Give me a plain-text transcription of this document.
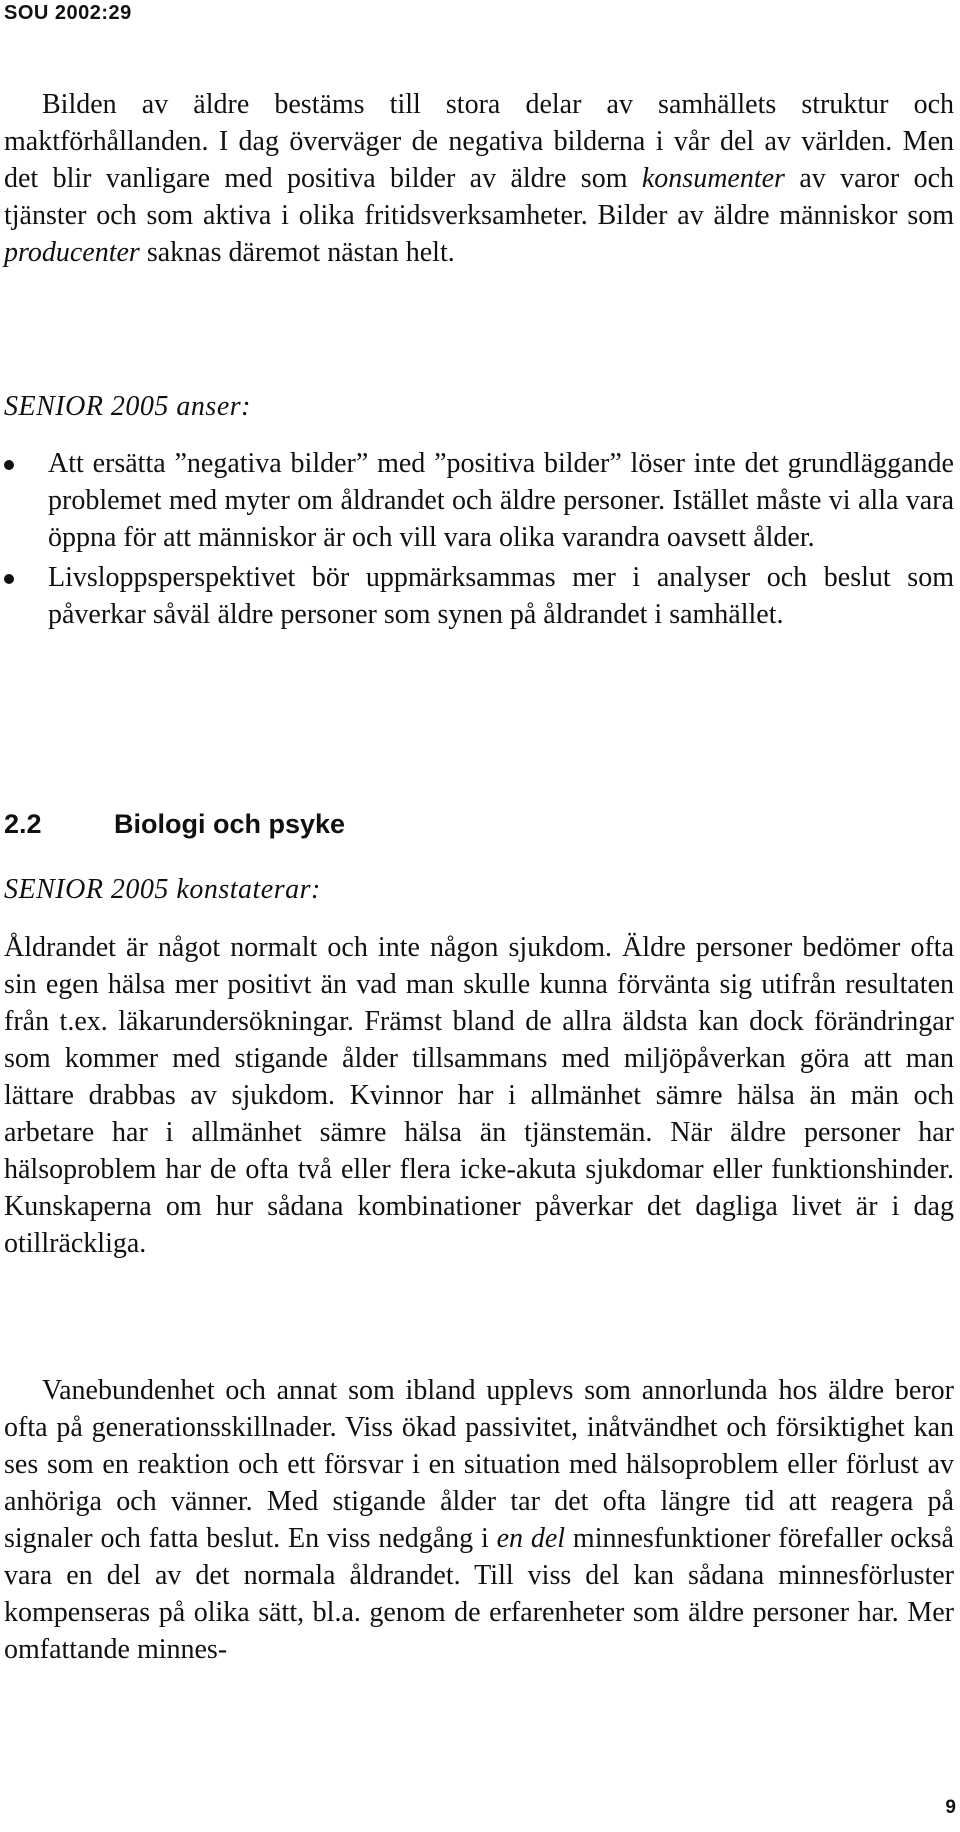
SOU 2002:29

Bilden av äldre bestäms till stora delar av samhällets struktur och maktförhållanden. I dag överväger de negativa bilderna i vår del av världen. Men det blir vanligare med positiva bilder av äldre som konsumenter av varor och tjänster och som aktiva i olika fritidsverksamheter. Bilder av äldre människor som producenter saknas däremot nästan helt.

SENIOR 2005 anser:
Att ersätta ”negativa bilder” med ”positiva bilder” löser inte det grundläggande problemet med myter om åldrandet och äldre personer. Istället måste vi alla vara öppna för att människor är och vill vara olika varandra oavsett ålder.
Livsloppsperspektivet bör uppmärksammas mer i analyser och beslut som påverkar såväl äldre personer som synen på åldrandet i samhället.
2.2	Biologi och psyke
SENIOR 2005 konstaterar:

Åldrandet är något normalt och inte någon sjukdom. Äldre personer bedömer ofta sin egen hälsa mer positivt än vad man skulle kunna förvänta sig utifrån resultaten från t.ex. läkarundersökningar. Främst bland de allra äldsta kan dock förändringar som kommer med stigande ålder tillsammans med miljöpåverkan göra att man lättare drabbas av sjukdom. Kvinnor har i allmänhet sämre hälsa än män och arbetare har i allmänhet sämre hälsa än tjänstemän. När äldre personer har hälsoproblem har de ofta två eller flera icke-akuta sjukdomar eller funktionshinder. Kunskaperna om hur sådana kombinationer påverkar det dagliga livet är i dag otillräckliga.

Vanebundenhet och annat som ibland upplevs som annorlunda hos äldre beror ofta på generationsskillnader. Viss ökad passivitet, inåtvändhet och försiktighet kan ses som en reaktion och ett försvar i en situation med hälsoproblem eller förlust av anhöriga och vänner. Med stigande ålder tar det ofta längre tid att reagera på signaler och fatta beslut. En viss nedgång i en del minnesfunktioner förefaller också vara en del av det normala åldrandet. Till viss del kan sådana minnesförluster kompenseras på olika sätt, bl.a. genom de erfarenheter som äldre personer har. Mer omfattande minnes-

9
